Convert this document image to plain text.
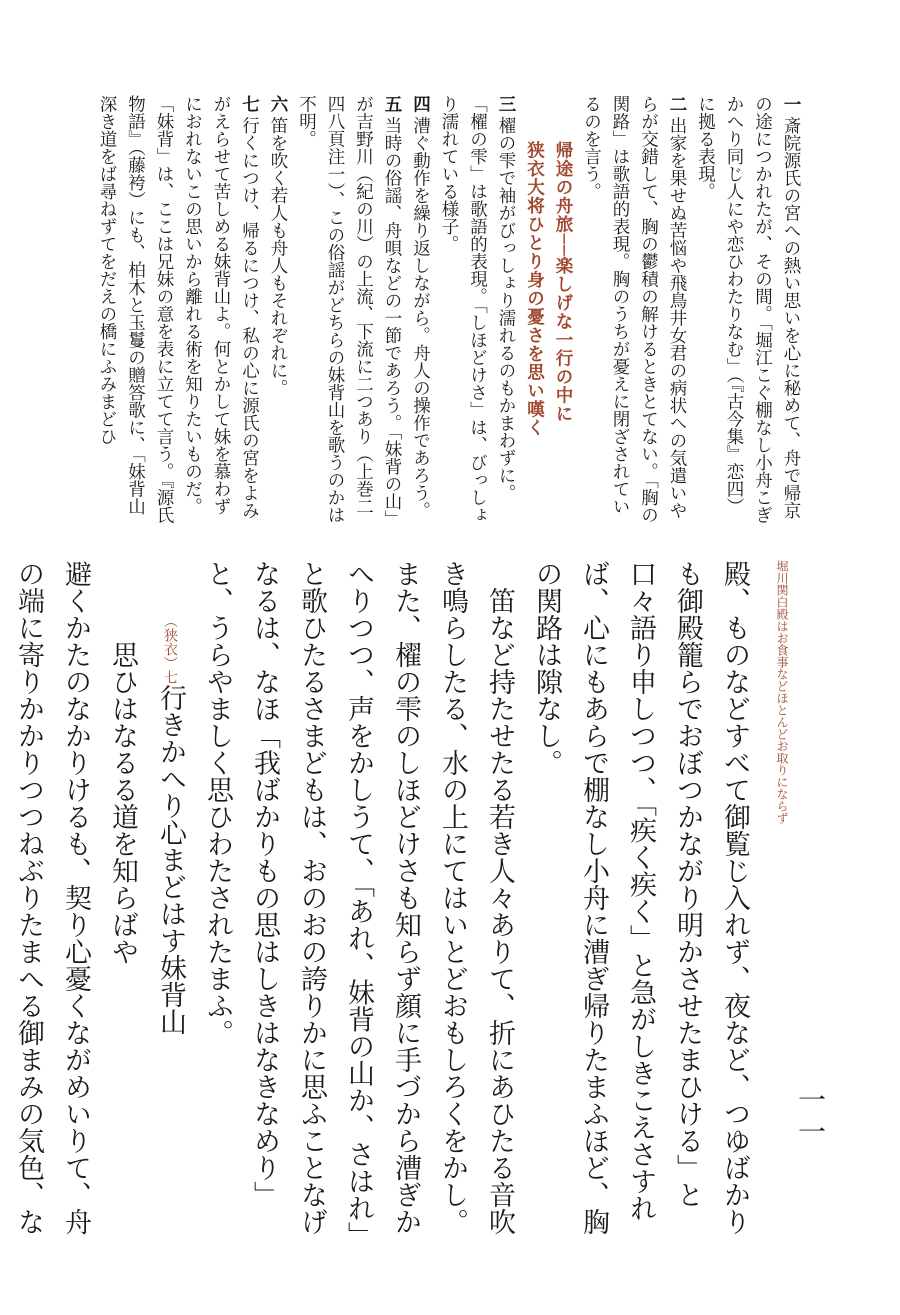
一一

一斎院源氏の宮への熱い思いを心に秘めて、舟で帰京の途につかれたが、その間。「堀江こぐ棚なし小舟こぎかへり同じ人にや恋ひわたりなむ」（『古今集』恋四）に拠る表現。

二出家を果せぬ苦悩や飛鳥井女君の病状への気遣いやらが交錯して、胸の鬱積の解けるときとてない。「胸の関路」は歌語的表現。胸のうちが憂えに閉ざされているのを言う。

帰途の舟旅──楽しげな一行の中に

狭衣大将ひとり身の憂さを思い嘆く

三櫂の雫で袖がびっしょり濡れるのもかまわずに。「櫂の雫」は歌語的表現。「しほどけさ」は、びっしょり濡れている様子。

四漕ぐ動作を繰り返しながら。舟人の操作であろう。

五当時の俗謡、舟唄などの一節であろう。「妹背の山」が吉野川（紀の川）の上流、下流に二つあり（上巻二四八頁注一）、この俗謡がどちらの妹背山を歌うのかは不明。

六笛を吹く若人も舟人もそれぞれに。

七行くにつけ、帰るにつけ、私の心に源氏の宮をよみがえらせて苦しめる妹背山よ。何とかして妹を慕わずにおれないこの思いから離れる術を知りたいものだ。「妹背」は、ここは兄妹の意を表に立てて言う。『源氏物語』（藤袴）にも、柏木と玉鬘の贈答歌に、「妹背山深き道をば尋ねずてをだえの橋にふみまどひ

堀川関白殿はお食事などほとんどお取りにならず

殿、ものなどすべて御覧じ入れず、夜など、つゆばかりも御殿籠らでおぼつかながり明かさせたまひける」と口々語り申しつつ、「疾く疾く」と急がしきこえさすれば、心にもあらで棚なし小舟に漕ぎ帰りたまふほど、胸の関路は隙なし。

笛など持たせたる若き人々ありて、折にあひたる音吹き鳴らしたる、水の上にてはいとどおもしろくをかし。また、櫂の雫のしほどけさも知らず顔に手づから漕ぎかへりつつ、声をかしうて、「あれ、妹背の山か、さはれ」と歌ひたるさまどもは、おのおの誇りかに思ふことなげなるは、なほ「我ばかりもの思はしきはなきなめり」と、うらやましく思ひわたされたまふ。

（狭衣）七行きかへり心まどはす妹背山

思ひはなるる道を知らばや

避くかたのなかりけるも、契り心憂くながめいりて、舟の端に寄りかかりつつねぶりたまへる御まみの気色、な
